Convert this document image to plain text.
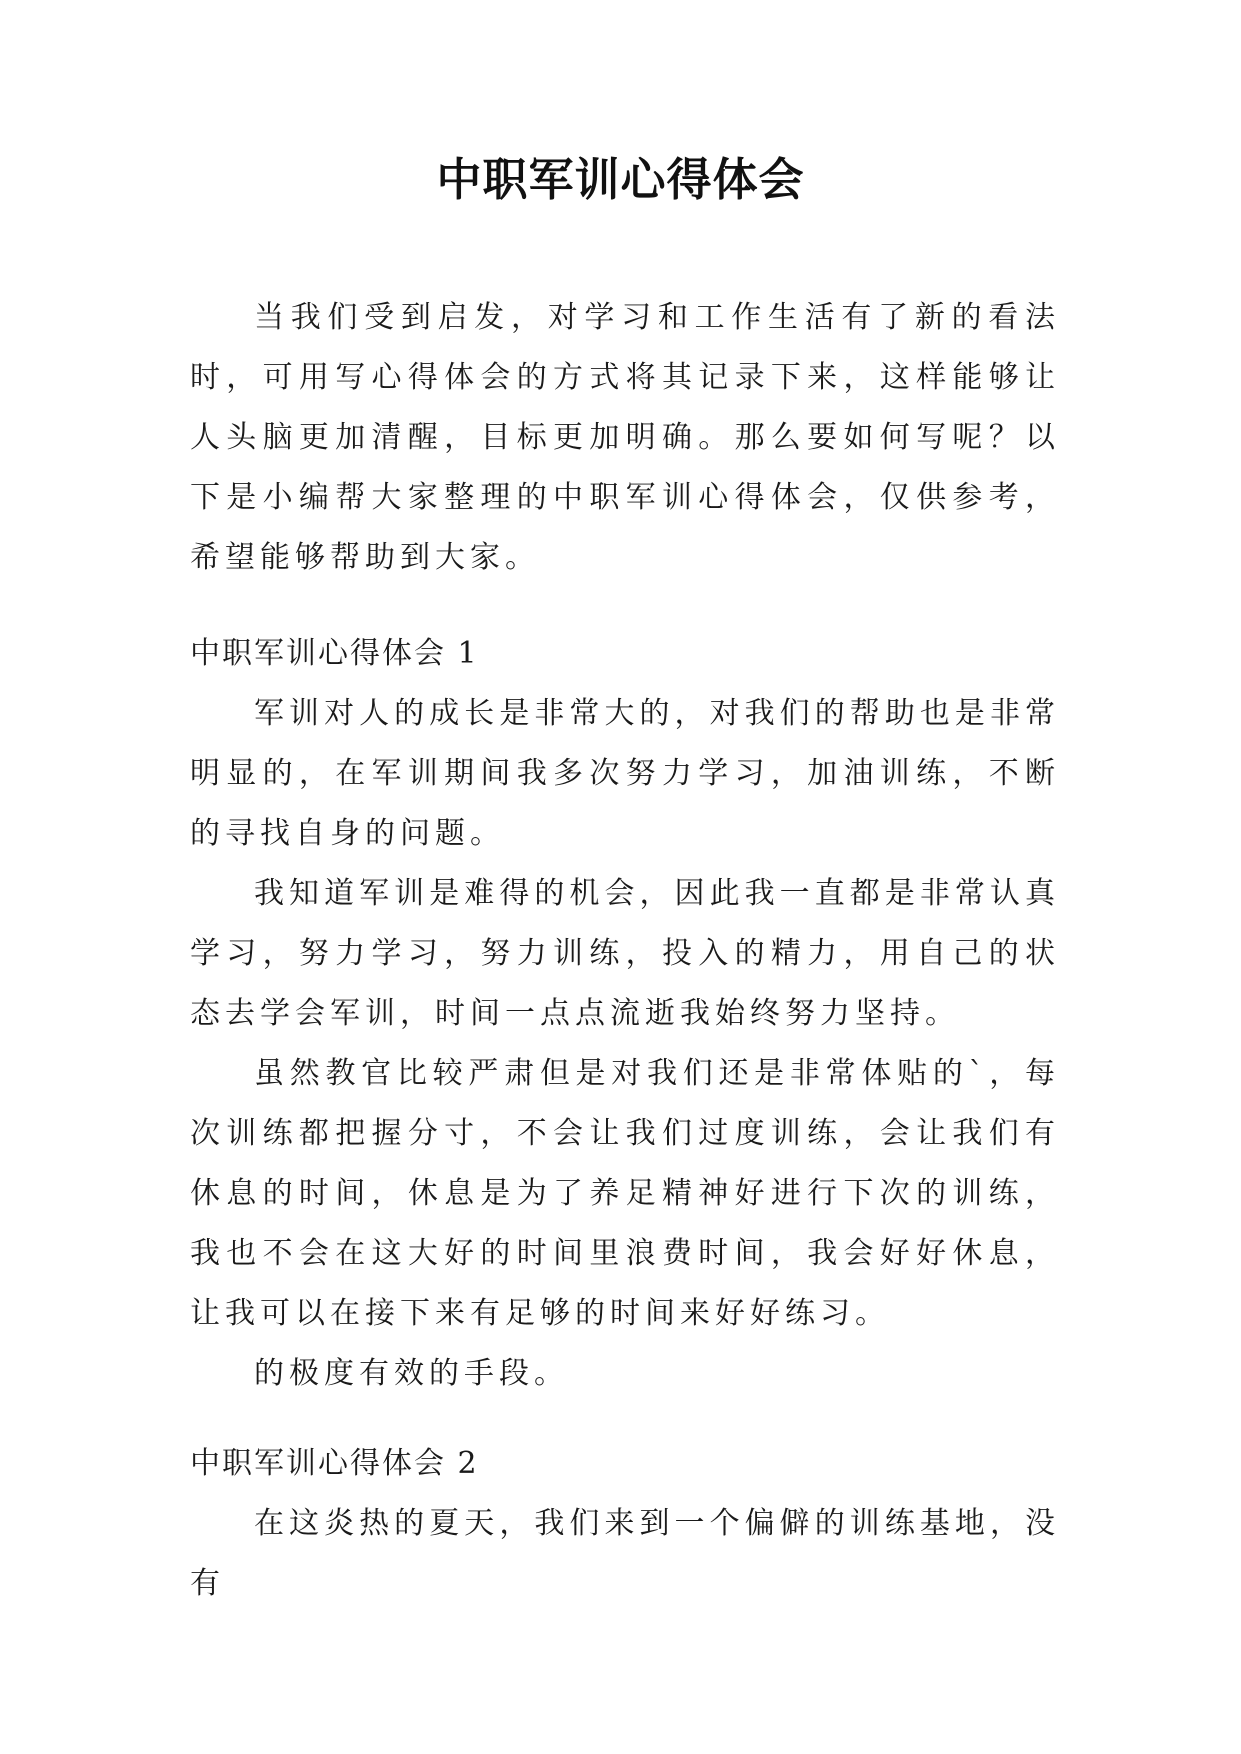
中职军训心得体会

当我们受到启发，对学习和工作生活有了新的看法时，可用写心得体会的方式将其记录下来，这样能够让人头脑更加清醒，目标更加明确。那么要如何写呢？以下是小编帮大家整理的中职军训心得体会，仅供参考，希望能够帮助到大家。

中职军训心得体会 1

军训对人的成长是非常大的，对我们的帮助也是非常明显的，在军训期间我多次努力学习，加油训练，不断的寻找自身的问题。

我知道军训是难得的机会，因此我一直都是非常认真学习，努力学习，努力训练，投入的精力，用自己的状态去学会军训，时间一点点流逝我始终努力坚持。

虽然教官比较严肃但是对我们还是非常体贴的`，每次训练都把握分寸，不会让我们过度训练，会让我们有休息的时间，休息是为了养足精神好进行下次的训练，我也不会在这大好的时间里浪费时间，我会好好休息，让我可以在接下来有足够的时间来好好练习。

的极度有效的手段。

中职军训心得体会 2

在这炎热的夏天，我们来到一个偏僻的训练基地，没有
